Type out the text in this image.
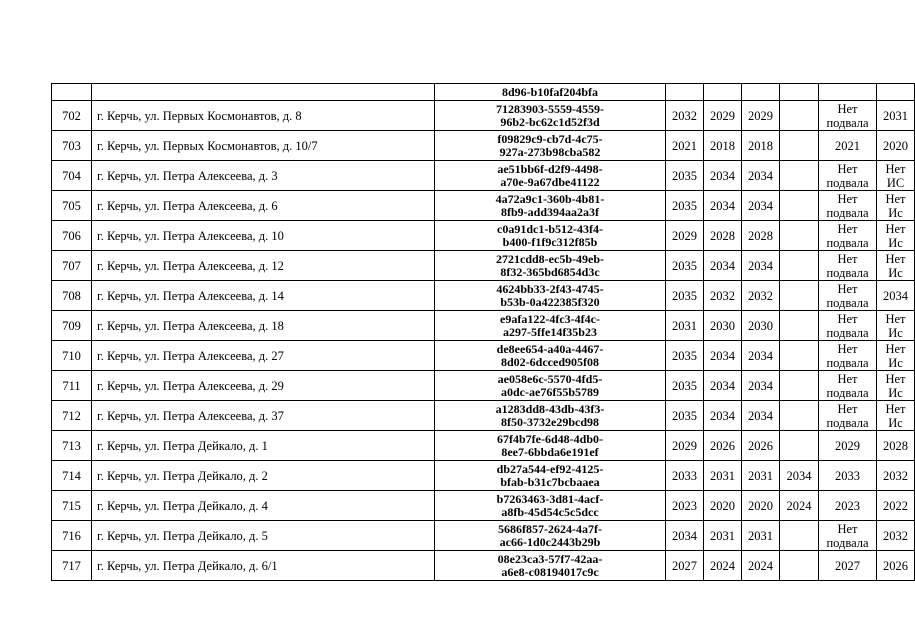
		8d96-b10faf204bfa						
702	г. Керчь, ул. Первых Космонавтов, д. 8	71283903-5559-4559-
96b2-bc62c1d52f3d	2032	2029	2029		Нет
подвала	2031

703	г. Керчь, ул. Первых Космонавтов, д. 10/7	f09829c9-cb7d-4c75-
927a-273b98cba582	2021	2018	2018		2021	2020

704	г. Керчь, ул. Петра Алексеева, д. 3	ae51bb6f-d2f9-4498-
a70e-9a67dbe41122	2035	2034	2034		Нет
подвала	Нет
ИС

705	г. Керчь, ул. Петра Алексеева, д. 6	4a72a9c1-360b-4b81-
8fb9-add394aa2a3f	2035	2034	2034		Нет
подвала	Нет
Ис

706	г. Керчь, ул. Петра Алексеева, д. 10	c0a91dc1-b512-43f4-
b400-f1f9c312f85b	2029	2028	2028		Нет
подвала	Нет
Ис

707	г. Керчь, ул. Петра Алексеева, д. 12	2721cdd8-ec5b-49eb-
8f32-365bd6854d3c	2035	2034	2034		Нет
подвала	Нет
Ис

708	г. Керчь, ул. Петра Алексеева, д. 14	4624bb33-2f43-4745-
b53b-0a422385f320	2035	2032	2032		Нет
подвала	2034

709	г. Керчь, ул. Петра Алексеева, д. 18	e9afa122-4fc3-4f4c-
a297-5ffe14f35b23	2031	2030	2030		Нет
подвала	Нет
Ис

710	г. Керчь, ул. Петра Алексеева, д. 27	de8ee654-a40a-4467-
8d02-6dcced905f08	2035	2034	2034		Нет
подвала	Нет
Ис

711	г. Керчь, ул. Петра Алексеева, д. 29	ae058e6c-5570-4fd5-
a0dc-ae76f55b5789	2035	2034	2034		Нет
подвала	Нет
Ис

712	г. Керчь, ул. Петра Алексеева, д. 37	a1283dd8-43db-43f3-
8f50-3732e29bcd98	2035	2034	2034		Нет
подвала	Нет
Ис

713	г. Керчь, ул. Петра Дейкало, д. 1	67f4b7fe-6d48-4db0-
8ee7-6bbda6e191ef	2029	2026	2026		2029	2028

714	г. Керчь, ул. Петра Дейкало, д. 2	db27a544-ef92-4125-
bfab-b31c7bcbaaea	2033	2031	2031	2034	2033	2032

715	г. Керчь, ул. Петра Дейкало, д. 4	b7263463-3d81-4acf-
a8fb-45d54c5c5dcc	2023	2020	2020	2024	2023	2022

716	г. Керчь, ул. Петра Дейкало, д. 5	5686f857-2624-4a7f-
ac66-1d0c2443b29b	2034	2031	2031		Нет
подвала	2032

717	г. Керчь, ул. Петра Дейкало, д. 6/1	08e23ca3-57f7-42aa-
a6e8-c08194017c9c	2027	2024	2024		2027	2026
